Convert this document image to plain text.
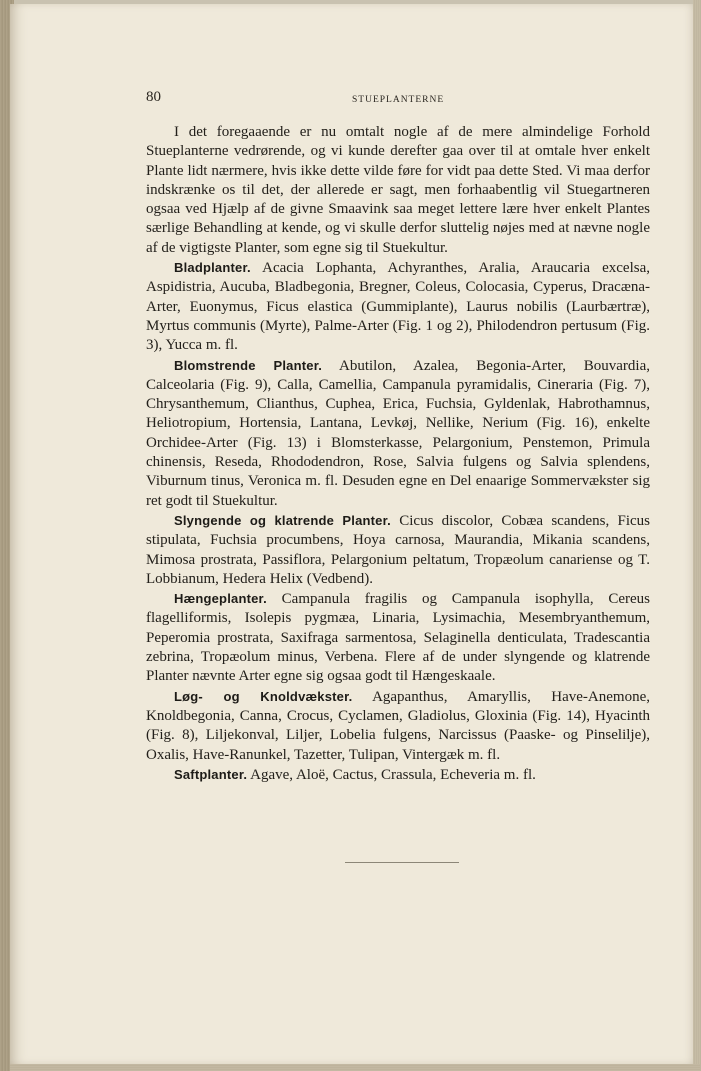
80	STUEPLANTERNE

I det foregaaende er nu omtalt nogle af de mere almindelige Forhold Stueplanterne vedrørende, og vi kunde derefter gaa over til at omtale hver enkelt Plante lidt nærmere, hvis ikke dette vilde føre for vidt paa dette Sted. Vi maa derfor indskrænke os til det, der allerede er sagt, men forhaabentlig vil Stuegartneren ogsaa ved Hjælp af de givne Smaavink saa meget lettere lære hver enkelt Plantes særlige Behandling at kende, og vi skulle derfor sluttelig nøjes med at nævne nogle af de vigtigste Planter, som egne sig til Stuekultur.

Bladplanter. Acacia Lophanta, Achyranthes, Aralia, Araucaria excelsa, Aspidistria, Aucuba, Bladbegonia, Bregner, Coleus, Colocasia, Cyperus, Dracæna-Arter, Euonymus, Ficus elastica (Gummiplante), Laurus nobilis (Laurbærtræ), Myrtus communis (Myrte), Palme-Arter (Fig. 1 og 2), Philodendron pertusum (Fig. 3), Yucca m. fl.

Blomstrende Planter. Abutilon, Azalea, Begonia-Arter, Bouvardia, Calceolaria (Fig. 9), Calla, Camellia, Campanula pyramidalis, Cineraria (Fig. 7), Chrysanthemum, Clianthus, Cuphea, Erica, Fuchsia, Gyldenlak, Habrothamnus, Heliotropium, Hortensia, Lantana, Levkøj, Nellike, Nerium (Fig. 16), enkelte Orchidee-Arter (Fig. 13) i Blomsterkasse, Pelargonium, Penstemon, Primula chinensis, Reseda, Rhododendron, Rose, Salvia fulgens og Salvia splendens, Viburnum tinus, Veronica m. fl. Desuden egne en Del enaarige Sommervækster sig ret godt til Stuekultur.

Slyngende og klatrende Planter. Cicus discolor, Cobæa scandens, Ficus stipulata, Fuchsia procumbens, Hoya carnosa, Maurandia, Mikania scandens, Mimosa prostrata, Passiflora, Pelargonium peltatum, Tropæolum canariense og T. Lobbianum, Hedera Helix (Vedbend).

Hængeplanter. Campanula fragilis og Campanula isophylla, Cereus flagelliformis, Isolepis pygmæa, Linaria, Lysimachia, Mesembryanthemum, Peperomia prostrata, Saxifraga sarmentosa, Selaginella denticulata, Tradescantia zebrina, Tropæolum minus, Verbena. Flere af de under slyngende og klatrende Planter nævnte Arter egne sig ogsaa godt til Hængeskaale.

Løg- og Knoldvækster. Agapanthus, Amaryllis, Have-Anemone, Knoldbegonia, Canna, Crocus, Cyclamen, Gladiolus, Gloxinia (Fig. 14), Hyacinth (Fig. 8), Liljekonval, Liljer, Lobelia fulgens, Narcissus (Paaske- og Pinselilje), Oxalis, Have-Ranunkel, Tazetter, Tulipan, Vintergæk m. fl.

Saftplanter. Agave, Aloë, Cactus, Crassula, Echeveria m. fl.
